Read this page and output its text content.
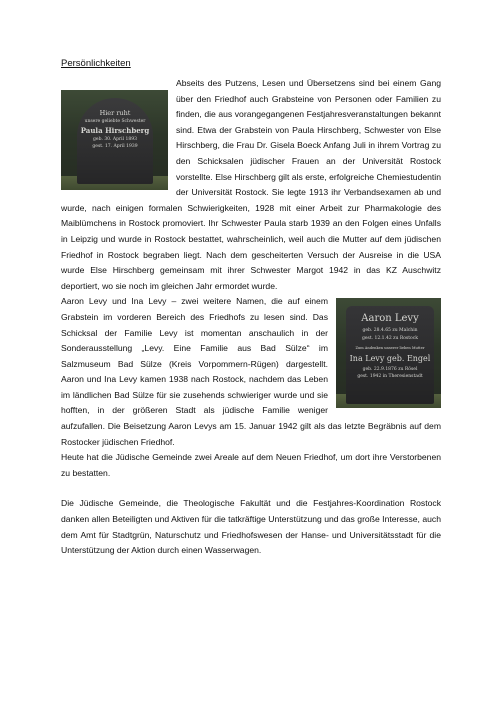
Persönlichkeiten
Hier ruht
unsere geliebte Schwester
Paula Hirschberg
geb. 30. April 1893
gest. 17. April 1939

Abseits des Putzens, Lesen und Übersetzens sind bei einem Gang über den Friedhof auch Grabsteine von Personen oder Familien zu finden, die aus vorangegangenen Festjahresveranstaltungen bekannt sind. Etwa der Grabstein von Paula Hirschberg, Schwester von Else Hirschberg, die Frau Dr. Gisela Boeck Anfang Juli in ihrem Vortrag zu den Schicksalen jüdischer Frauen an der Universität Rostock vorstellte. Else Hirschberg gilt als erste, erfolgreiche Chemiestudentin der Universität Rostock. Sie legte 1913 ihr Verbandsexamen ab und wurde, nach einigen formalen Schwierigkeiten, 1928 mit einer Arbeit zur Pharmakologie des Maiblümchens in Rostock promoviert. Ihr Schwester Paula starb 1939 an den Folgen eines Unfalls in Leipzig und wurde in Rostock bestattet, wahrscheinlich, weil auch die Mutter auf dem jüdischen Friedhof in Rostock begraben liegt. Nach dem gescheiterten Versuch der Ausreise in die USA wurde Else Hirschberg gemeinsam mit ihrer Schwester Margot 1942 in das KZ Auschwitz deportiert, wo sie noch im gleichen Jahr ermordet wurde.

Aaron Levy
geb. 28.4.65 zu Malchin
gest. 12.1.42 zu Rostock
Zum Andenken unserer lieben Mutter
Ina Levy geb. Engel
geb. 22.9.1876 zu Rösel
gest. 1942 in Theresienstadt

Aaron Levy und Ina Levy – zwei weitere Namen, die auf einem Grabstein im vorderen Bereich des Friedhofs zu lesen sind. Das Schicksal der Familie Levy ist momentan anschaulich in der Sonderausstellung „Levy. Eine Familie aus Bad Sülze“ im Salzmuseum Bad Sülze (Kreis Vorpommern-Rügen) dargestellt. Aaron und Ina Levy kamen 1938 nach Rostock, nachdem das Leben im ländlichen Bad Sülze für sie zusehends schwieriger wurde und sie hofften, in der größeren Stadt als jüdische Familie weniger aufzufallen. Die Beisetzung Aaron Levys am 15. Januar 1942 gilt als das letzte Begräbnis auf dem Rostocker jüdischen Friedhof.

Heute hat die Jüdische Gemeinde zwei Areale auf dem Neuen Friedhof, um dort ihre Verstorbenen zu bestatten.

Die Jüdische Gemeinde, die Theologische Fakultät und die Festjahres-Koordination Rostock danken allen Beteiligten und Aktiven für die tatkräftige Unterstützung und das große Interesse, auch dem Amt für Stadtgrün, Naturschutz und Friedhofswesen der Hanse- und Universitätsstadt für die Unterstützung der Aktion durch einen Wasserwagen.
